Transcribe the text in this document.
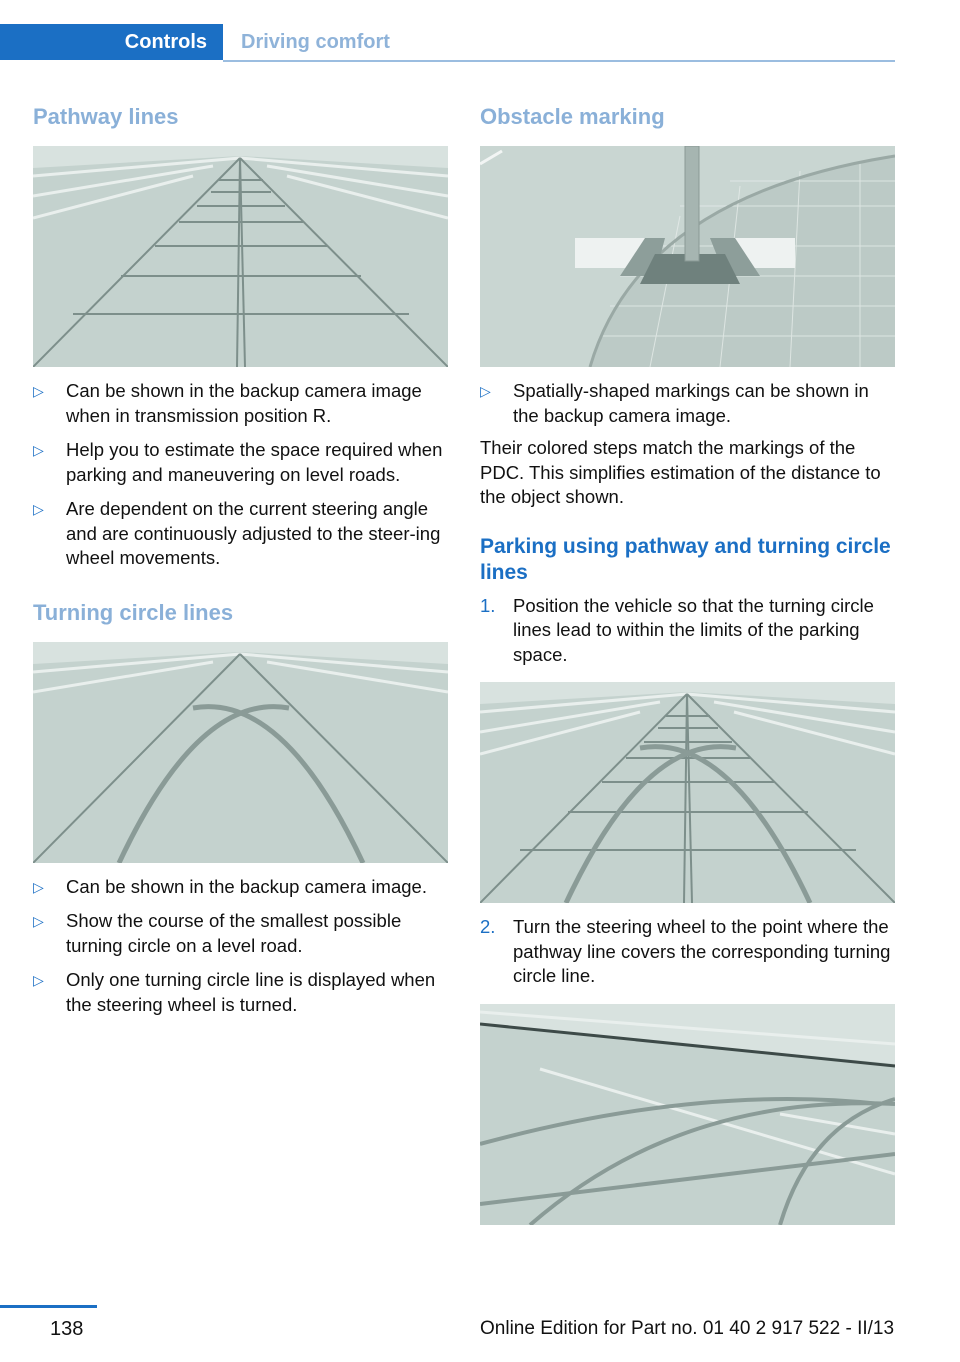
Controls	Driving comfort
Pathway lines
▷ Can be shown in the backup camera image when in transmission position R.
▷ Help you to estimate the space required when parking and maneuvering on level roads.
▷ Are dependent on the current steering angle and are continuously adjusted to the steer‐ing wheel movements.
Turning circle lines
▷ Can be shown in the backup camera image.
▷ Show the course of the smallest possible turning circle on a level road.
▷ Only one turning circle line is displayed when the steering wheel is turned.
Obstacle marking
▷ Spatially-shaped markings can be shown in the backup camera image.

Their colored steps match the markings of the PDC. This simplifies estimation of the distance to the object shown.

Parking using pathway and turning circle lines
1. Position the vehicle so that the turning circle lines lead to within the limits of the parking space.
2. Turn the steering wheel to the point where the pathway line covers the corresponding turning circle line.
138	Online Edition for Part no. 01 40 2 917 522 - II/13
